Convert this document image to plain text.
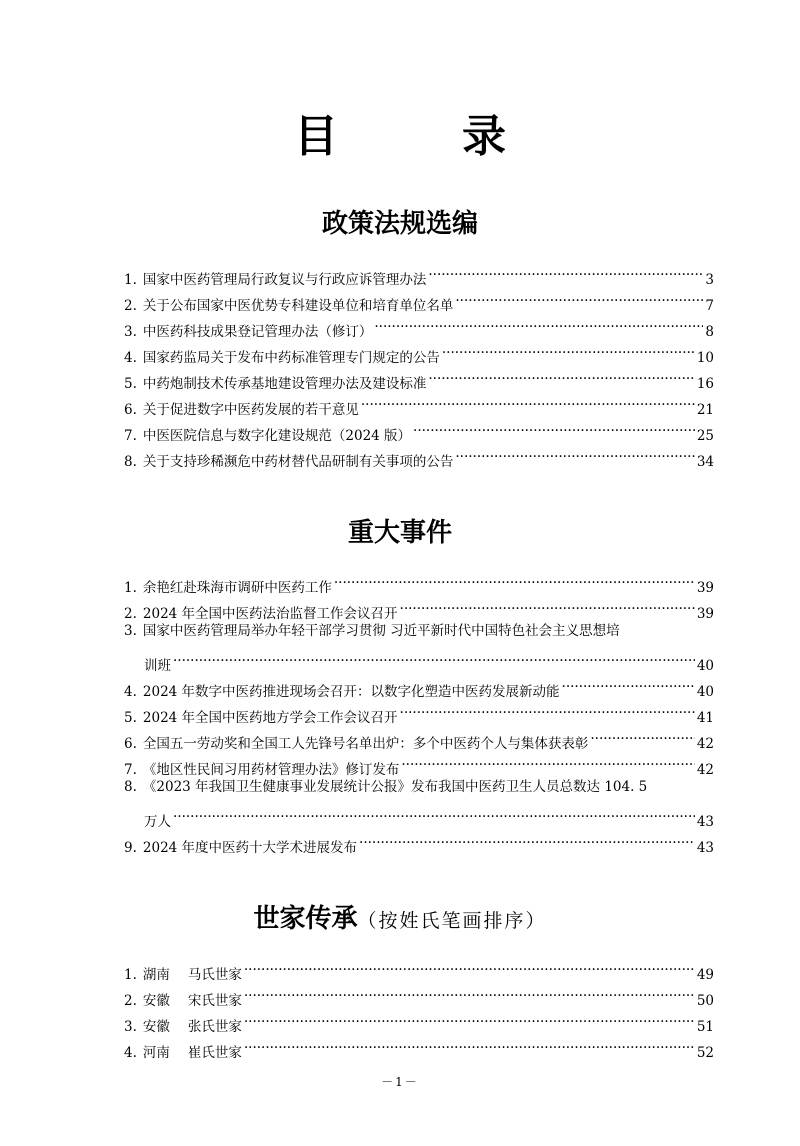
目　录
政策法规选编
1. 国家中医药管理局行政复议与行政应诉管理办法 .....	3
2. 关于公布国家中医优势专科建设单位和培育单位名单 .....	7
3. 中医药科技成果登记管理办法（修订） .....	8
4. 国家药监局关于发布中药标准管理专门规定的公告 .....	10
5. 中药炮制技术传承基地建设管理办法及建设标准 .....	16
6. 关于促进数字中医药发展的若干意见 .....	21
7. 中医医院信息与数字化建设规范（2024 版） .....	25
8. 关于支持珍稀濒危中药材替代品研制有关事项的公告 .....	34
重大事件
1. 余艳红赴珠海市调研中医药工作 .....	39
2. 2024 年全国中医药法治监督工作会议召开 .....	39
3. 国家中医药管理局举办年轻干部学习贯彻 习近平新时代中国特色社会主义思想培
训班 .....	40
4. 2024 年数字中医药推进现场会召开：以数字化塑造中医药发展新动能 .....	40
5. 2024 年全国中医药地方学会工作会议召开 .....	41
6. 全国五一劳动奖和全国工人先锋号名单出炉：多个中医药个人与集体获表彰 .....	42
7. 《地区性民间习用药材管理办法》修订发布 .....	42
8. 《2023 年我国卫生健康事业发展统计公报》发布我国中医药卫生人员总数达 104. 5
万人 .....	43
9. 2024 年度中医药十大学术进展发布 .....	43
世家传承（按姓氏笔画排序）
1. 湖南 马氏世家 .....	49
2. 安徽 宋氏世家 .....	50
3. 安徽 张氏世家 .....	51
4. 河南 崔氏世家 .....	52
－1－
